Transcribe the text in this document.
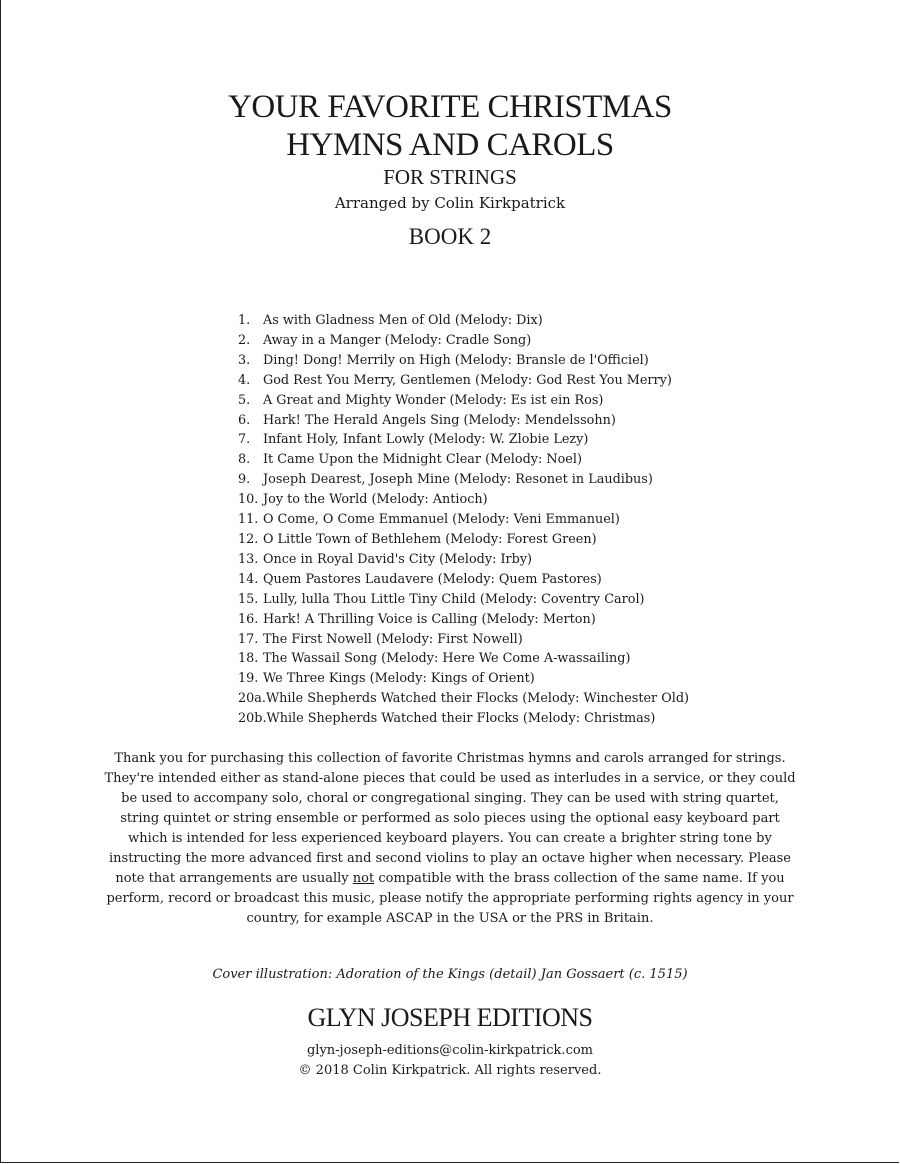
YOUR FAVORITE CHRISTMAS
HYMNS AND CAROLS
FOR STRINGS
Arranged by Colin Kirkpatrick
BOOK 2
1. As with Gladness Men of Old (Melody: Dix)
2. Away in a Manger (Melody: Cradle Song)
3. Ding! Dong! Merrily on High (Melody: Bransle de l'Officiel)
4. God Rest You Merry, Gentlemen (Melody: God Rest You Merry)
5. A Great and Mighty Wonder (Melody: Es ist ein Ros)
6. Hark! The Herald Angels Sing (Melody: Mendelssohn)
7. Infant Holy, Infant Lowly (Melody: W. Zlobie Lezy)
8. It Came Upon the Midnight Clear (Melody: Noel)
9. Joseph Dearest, Joseph Mine (Melody: Resonet in Laudibus)
10. Joy to the World (Melody: Antioch)
11. O Come, O Come Emmanuel (Melody: Veni Emmanuel)
12. O Little Town of Bethlehem (Melody: Forest Green)
13. Once in Royal David's City (Melody: Irby)
14. Quem Pastores Laudavere (Melody: Quem Pastores)
15. Lully, lulla Thou Little Tiny Child (Melody: Coventry Carol)
16. Hark! A Thrilling Voice is Calling (Melody: Merton)
17. The First Nowell (Melody: First Nowell)
18. The Wassail Song (Melody: Here We Come A-wassailing)
19. We Three Kings (Melody: Kings of Orient)
20a.While Shepherds Watched their Flocks (Melody: Winchester Old)
20b.While Shepherds Watched their Flocks (Melody: Christmas)

Thank you for purchasing this collection of favorite Christmas hymns and carols arranged for strings. They're intended either as stand-alone pieces that could be used as interludes in a service, or they could be used to accompany solo, choral or congregational singing. They can be used with string quartet, string quintet or string ensemble or performed as solo pieces using the optional easy keyboard part which is intended for less experienced keyboard players. You can create a brighter string tone by instructing the more advanced first and second violins to play an octave higher when necessary. Please note that arrangements are usually not compatible with the brass collection of the same name. If you perform, record or broadcast this music, please notify the appropriate performing rights agency in your country, for example ASCAP in the USA or the PRS in Britain.

Cover illustration: Adoration of the Kings (detail) Jan Gossaert (c. 1515)
GLYN JOSEPH EDITIONS
glyn-joseph-editions@colin-kirkpatrick.com
© 2018 Colin Kirkpatrick. All rights reserved.
